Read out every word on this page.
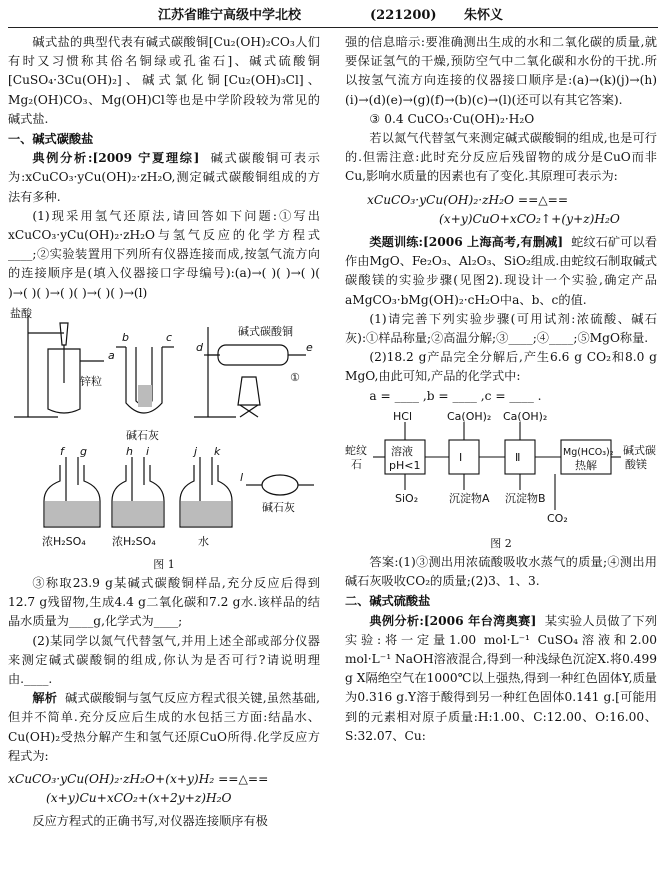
江苏省睢宁高级中学北校	(221200) 朱怀义

碱式盐的典型代表有碱式碳酸铜[Cu₂(OH)₂CO₃人们有时又习惯称其俗名铜绿或孔雀石]、碱式硫酸铜[CuSO₄·3Cu(OH)₂]、碱式氯化铜[Cu₂(OH)₃Cl]、Mg₂(OH)CO₃、Mg(OH)Cl等也是中学阶段较为常见的碱式盐.

一、碱式碳酸盐

典例分析:[2009 宁夏理综] 碱式碳酸铜可表示为:xCuCO₃·yCu(OH)₂·zH₂O,测定碱式碳酸铜组成的方法有多种.

(1)现采用氢气还原法,请回答如下问题:①写出xCuCO₃·yCu(OH)₂·zH₂O与氢气反应的化学方程式____;②实验装置用下列所有仪器连接而成,按氢气流方向的连接顺序是(填入仪器接口字母编号):(a)→( )( )→( )( )→( )( )→( )( )→( )( )→(l)

盐酸
锌粒
碱石灰
碱式碳酸铜
①
浓H₂SO₄ 浓H₂SO₄	水
碱石灰
a
b	c
d	e
f g	h i	j k
l

图 1

③称取23.9 g某碱式碳酸铜样品,充分反应后得到12.7 g残留物,生成4.4 g二氧化碳和7.2 g水.该样品的结晶水质量为____g,化学式为____;

(2)某同学以氮气代替氢气,并用上述全部或部分仪器来测定碱式碳酸铜的组成,你认为是否可行?请说明理由.____.

解析 碱式碳酸铜与氢气反应方程式很关键,虽然基础,但并不简单.充分反应后生成的水包括三方面:结晶水、Cu(OH)₂受热分解产生和氢气还原CuO所得.化学反应方程式为:

xCuCO₃·yCu(OH)₂·zH₂O+(x+y)H₂ ==△==
(x+y)Cu+xCO₂+(x+2y+z)H₂O

反应方程式的正确书写,对仪器连接顺序有极

强的信息暗示:要准确测出生成的水和二氧化碳的质量,就要保证氢气的干燥,预防空气中二氧化碳和水份的干扰.所以按氢气流方向连接的仪器接口顺序是:(a)→(k)(j)→(h)(i)→(d)(e)→(g)(f)→(b)(c)→(l)(还可以有其它答案).

③ 0.4 CuCO₃·Cu(OH)₂·H₂O

若以氮气代替氢气来测定碱式碳酸铜的组成,也是可行的.但需注意:此时充分反应后残留物的成分是CuO而非Cu,影响水质量的因素也有了变化.其原理可表示为:

xCuCO₃·yCu(OH)₂·zH₂O ==△==
(x+y)CuO+xCO₂↑+(y+z)H₂O

类题训练:[2006 上海高考,有删减] 蛇纹石矿可以看作由MgO、Fe₂O₃、Al₂O₃、SiO₂组成.由蛇纹石制取碱式碳酸镁的实验步骤(见图2).现设计一个实验,确定产品aMgCO₃·bMg(OH)₂·cH₂O中a、b、c的值.

(1)请完善下列实验步骤(可用试剂:浓硫酸、碱石灰):①样品称量;②高温分解;③____;④____;⑤MgO称量.

(2)18.2 g产品完全分解后,产生6.6 g CO₂和8.0 g MgO,由此可知,产品的化学式中:

a = ____ ,b = ____ ,c = ____ .

HCl	Ca(OH)₂ Ca(OH)₂
蛇纹
石
溶液
pH<1
Ⅰ	Ⅱ	Mg(HCO₃)₂
热解
碱式碳
酸镁
SiO₂	沉淀物A 沉淀物B
CO₂

图 2

答案:(1)③测出用浓硫酸吸收水蒸气的质量;④测出用碱石灰吸收CO₂的质量;(2)3、1、3.

二、碱式硫酸盐

典例分析:[2006 年台湾奥赛] 某实验人员做了下列实验:将一定量1.00 mol·L⁻¹ CuSO₄溶液和2.00 mol·L⁻¹ NaOH溶液混合,得到一种浅绿色沉淀X.将0.499 g X隔绝空气在1000℃以上强热,得到一种红色固体Y,质量为0.316 g.Y溶于酸得到另一种红色固体0.141 g.[可能用到的元素相对原子质量:H:1.00、C:12.00、O:16.00、S:32.07、Cu:
